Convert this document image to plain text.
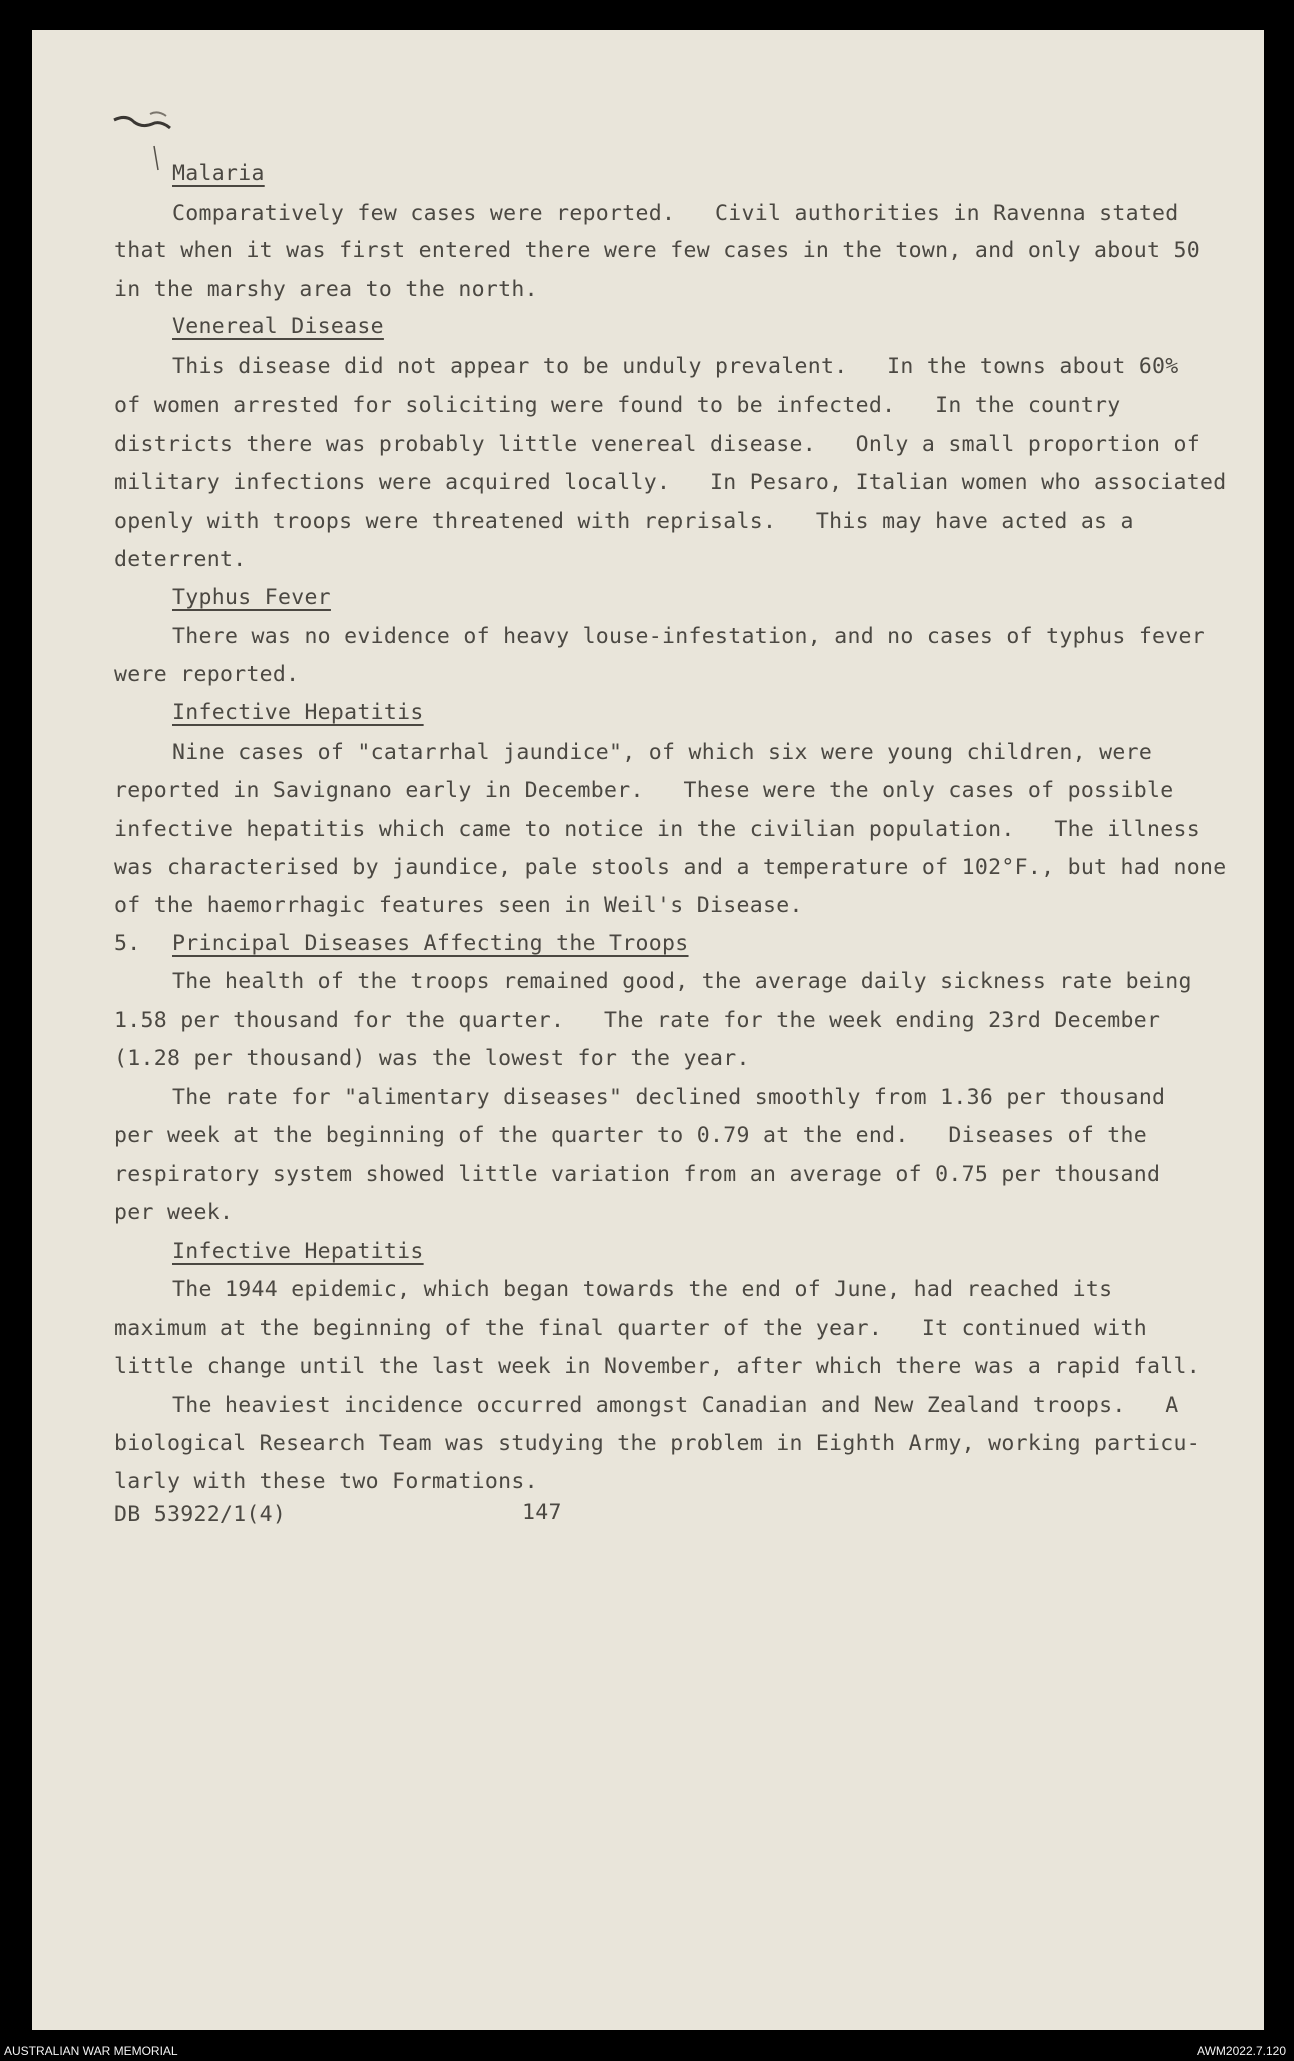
Malaria
Comparatively few cases were reported.   Civil authorities in Ravenna stated
that when it was first entered there were few cases in the town, and only about 50
in the marshy area to the north.
Venereal Disease
This disease did not appear to be unduly prevalent.   In the towns about 60%
of women arrested for soliciting were found to be infected.   In the country
districts there was probably little venereal disease.   Only a small proportion of
military infections were acquired locally.   In Pesaro, Italian women who associated
openly with troops were threatened with reprisals.   This may have acted as a
deterrent.
Typhus Fever
There was no evidence of heavy louse-infestation, and no cases of typhus fever
were reported.
Infective Hepatitis
Nine cases of "catarrhal jaundice", of which six were young children, were
reported in Savignano early in December.   These were the only cases of possible
infective hepatitis which came to notice in the civilian population.   The illness
was characterised by jaundice, pale stools and a temperature of 102°F., but had none
of the haemorrhagic features seen in Weil's Disease.
5. Principal Diseases Affecting the Troops
The health of the troops remained good, the average daily sickness rate being
1.58 per thousand for the quarter.   The rate for the week ending 23rd December
(1.28 per thousand) was the lowest for the year.
The rate for "alimentary diseases" declined smoothly from 1.36 per thousand
per week at the beginning of the quarter to 0.79 at the end.   Diseases of the
respiratory system showed little variation from an average of 0.75 per thousand
per week.
Infective Hepatitis
The 1944 epidemic, which began towards the end of June, had reached its
maximum at the beginning of the final quarter of the year.   It continued with
little change until the last week in November, after which there was a rapid fall.
The heaviest incidence occurred amongst Canadian and New Zealand troops.   A
biological Research Team was studying the problem in Eighth Army, working particu-
larly with these two Formations.
DB 53922/1(4)	147
AUSTRALIAN WAR MEMORIAL	AWM2022.7.120
